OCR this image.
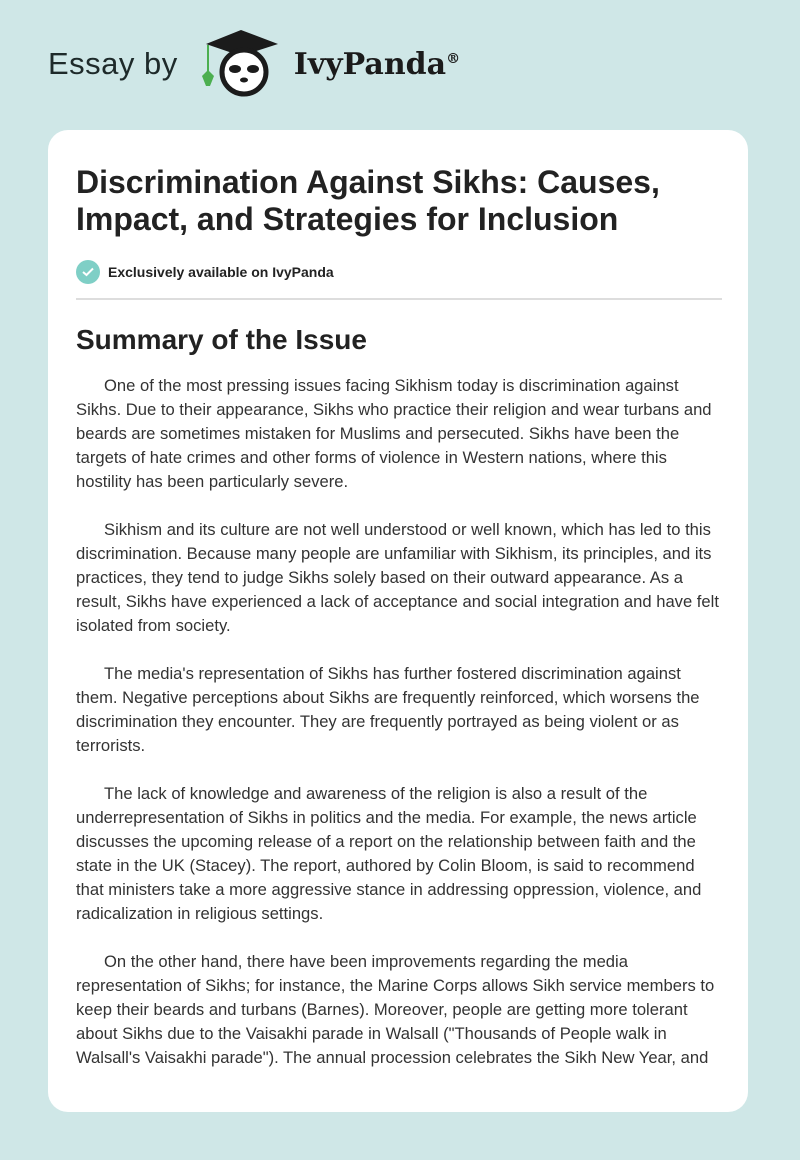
Essay by	IvyPanda®
Discrimination Against Sikhs: Causes, Impact, and Strategies for Inclusion
Exclusively available on IvyPanda
Summary of the Issue

One of the most pressing issues facing Sikhism today is discrimination against Sikhs. Due to their appearance, Sikhs who practice their religion and wear turbans and beards are sometimes mistaken for Muslims and persecuted. Sikhs have been the targets of hate crimes and other forms of violence in Western nations, where this hostility has been particularly severe.

Sikhism and its culture are not well understood or well known, which has led to this discrimination. Because many people are unfamiliar with Sikhism, its principles, and its practices, they tend to judge Sikhs solely based on their outward appearance. As a result, Sikhs have experienced a lack of acceptance and social integration and have felt isolated from society.

The media's representation of Sikhs has further fostered discrimination against them. Negative perceptions about Sikhs are frequently reinforced, which worsens the discrimination they encounter. They are frequently portrayed as being violent or as terrorists.

The lack of knowledge and awareness of the religion is also a result of the underrepresentation of Sikhs in politics and the media. For example, the news article discusses the upcoming release of a report on the relationship between faith and the state in the UK (Stacey). The report, authored by Colin Bloom, is said to recommend that ministers take a more aggressive stance in addressing oppression, violence, and radicalization in religious settings.

On the other hand, there have been improvements regarding the media representation of Sikhs; for instance, the Marine Corps allows Sikh service members to keep their beards and turbans (Barnes). Moreover, people are getting more tolerant about Sikhs due to the Vaisakhi parade in Walsall ("Thousands of People walk in Walsall's Vaisakhi parade"). The annual procession celebrates the Sikh New Year, and
